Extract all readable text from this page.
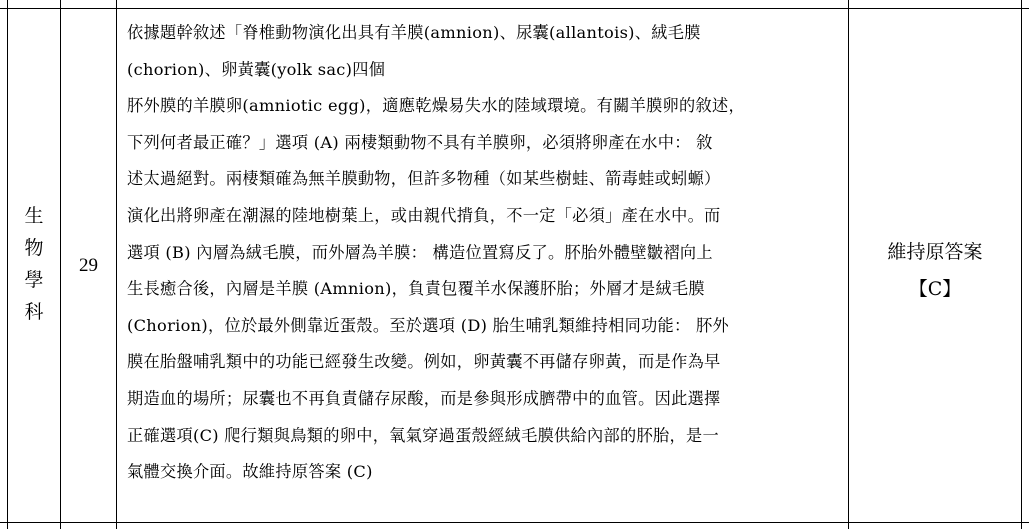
生
物
學
科
29
依據題幹敘述「脊椎動物演化出具有羊膜(amnion)、尿囊(allantois)、絨毛膜
(chorion)、卵黃囊(yolk sac)四個
肧外膜的羊膜卵(amniotic egg)，適應乾燥易失水的陸域環境。有關羊膜卵的敘述，
下列何者最正確？」選項 (A) 兩棲類動物不具有羊膜卵，必須將卵產在水中： 敘
述太過絕對。兩棲類確為無羊膜動物，但許多物種（如某些樹蛙、箭毒蛙或蚓螈）
演化出將卵產在潮濕的陸地樹葉上，或由親代揹負，不一定「必須」產在水中。而
選項 (B) 內層為絨毛膜，而外層為羊膜： 構造位置寫反了。肧胎外體壁皺褶向上
生長癒合後，內層是羊膜 (Amnion)，負責包覆羊水保護肧胎；外層才是絨毛膜
(Chorion)，位於最外側靠近蛋殼。至於選項 (D) 胎生哺乳類維持相同功能： 肧外
膜在胎盤哺乳類中的功能已經發生改變。例如，卵黃囊不再儲存卵黃，而是作為早
期造血的場所；尿囊也不再負責儲存尿酸，而是參與形成臍帶中的血管。因此選擇
正確選項(C) 爬行類與鳥類的卵中，氧氣穿過蛋殼經絨毛膜供給內部的肧胎，是一
氣體交換介面。故維持原答案 (C)
維持原答案
【C】
